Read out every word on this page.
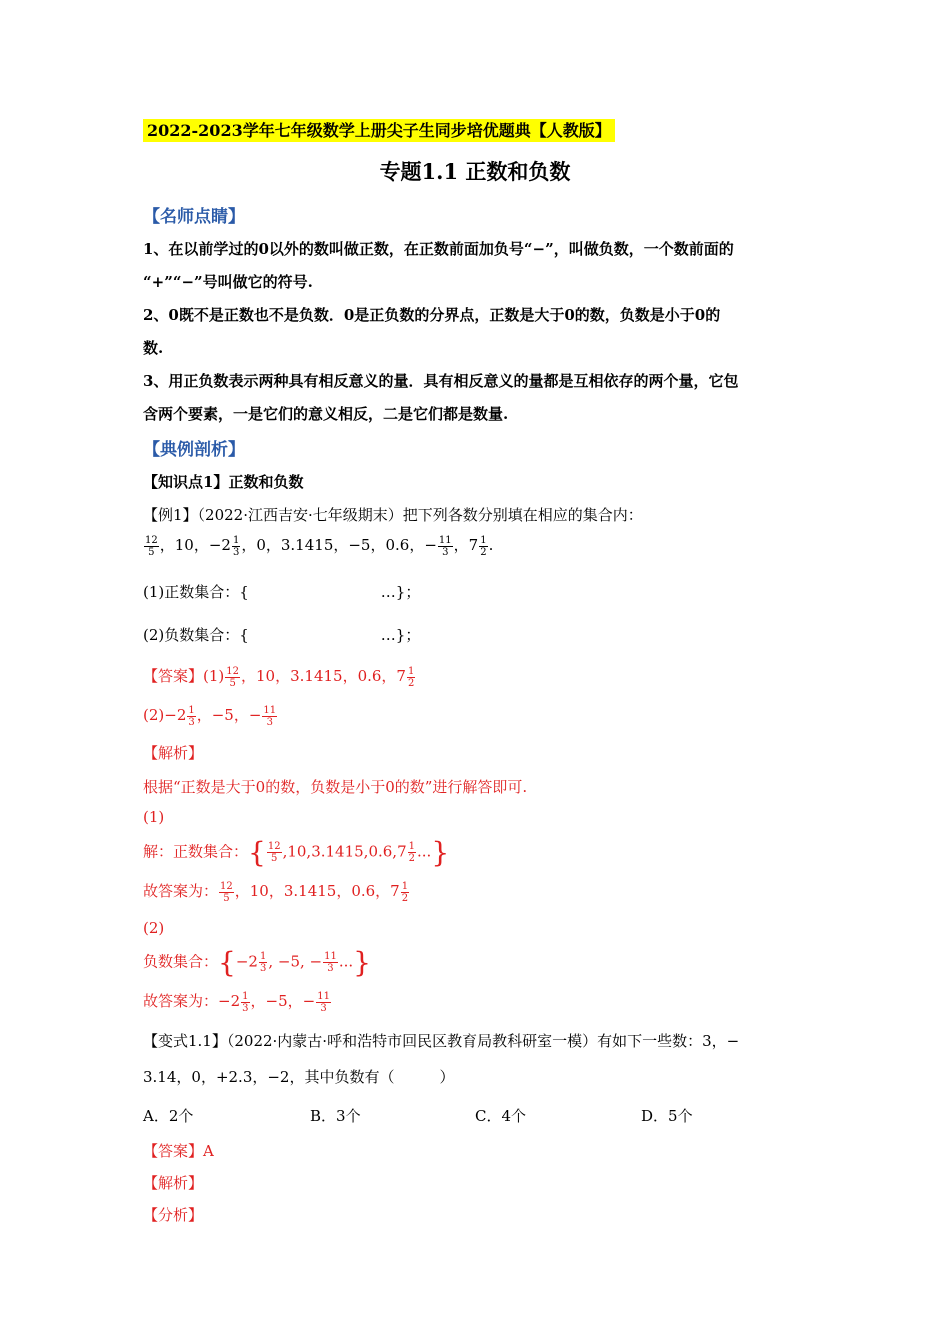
2022-2023学年七年级数学上册尖子生同步培优题典【人教版】
专题1.1 正数和负数
【名师点睛】
1、在以前学过的0以外的数叫做正数，在正数前面加负号“−”，叫做负数，一个数前面的
“+”“−”号叫做它的符号.
2、0既不是正数也不是负数．0是正负数的分界点，正数是大于0的数，负数是小于0的
数.
3、用正负数表示两种具有相反意义的量．具有相反意义的量都是互相依存的两个量，它包
含两个要素，一是它们的意义相反，二是它们都是数量.
【典例剖析】
【知识点1】正数和负数
【例1】（2022·江西吉安·七年级期末）把下列各数分别填在相应的集合内：
$\frac{12}{5}$ ，10，$-2 \frac{1}{3}$ ，0，3.1415，−5，0.6，− $\frac{11}{3}$ ，$7 \frac{1}{2}$ .
(1)正数集合：{	…}；
(2)负数集合：{	…}；
【答案】$(1) \frac{12}{5}$ ，10，3.1415，0.6，$7 \frac{1}{2}$
$(2)-2 \frac{1}{3}$ ，−5，− $\frac{11}{3}$
【解析】
根据“正数是大于0的数，负数是小于0的数”进行解答即可.
(1)
解：正数集合：{ $\frac{12}{5} ,10,3.1415,0.6,7 \frac{1}{2}$ ...}
故答案为： $\frac{12}{5}$ ，10，3.1415，0.6，$7 \frac{1}{2}$
(2)
负数集合：{$-2 \frac{1}{3}$ , −5, − $\frac{11}{3}$ ...}
故答案为：$-2 \frac{1}{3}$ ，−5，− $\frac{11}{3}$
【变式1.1】（2022·内蒙古·呼和浩特市回民区教育局教科研室一模）有如下一些数：3，−
3.14，0，+2.3，−2，其中负数有（　　　）
A．2个	B．3个	C．4个	D．5个
【答案】A
【解析】
【分析】
